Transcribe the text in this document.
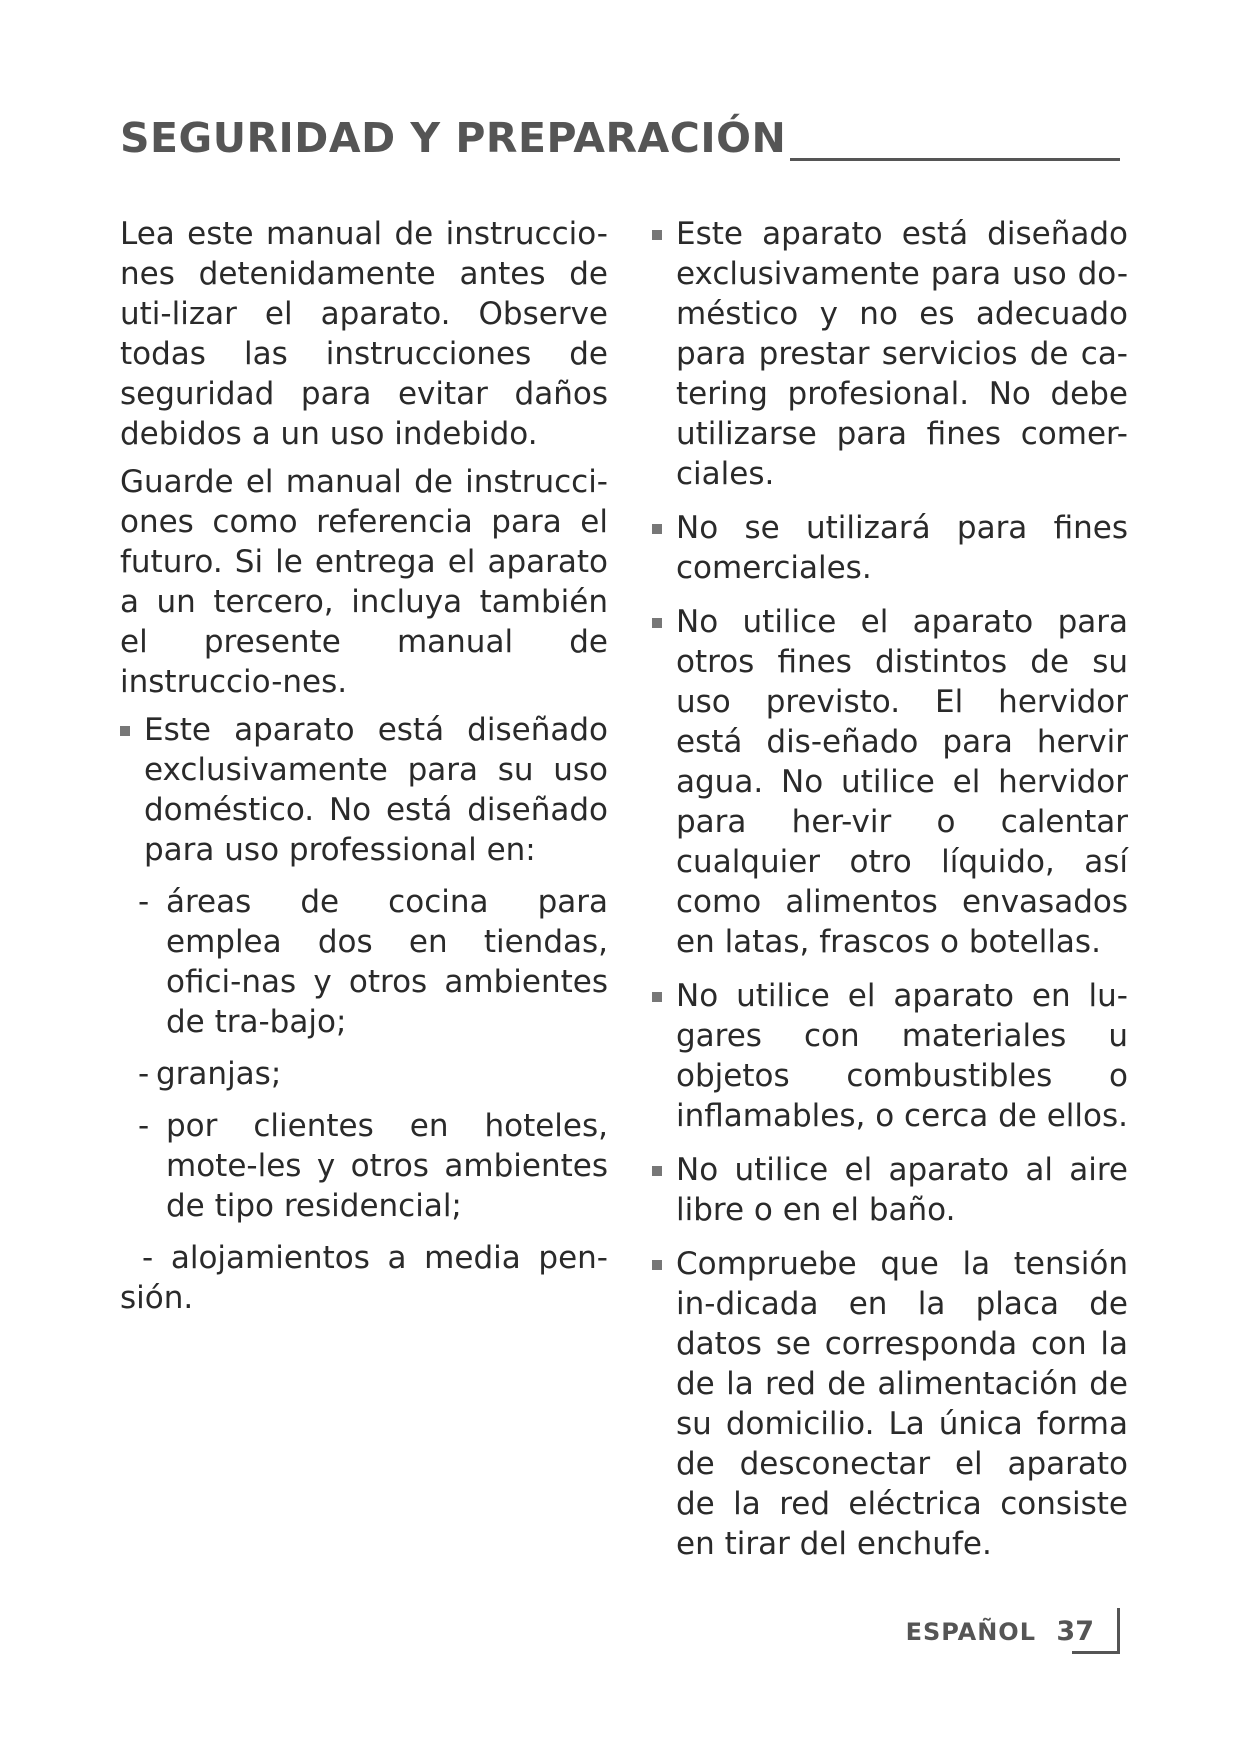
SEGURIDAD Y PREPARACIÓN

Lea este manual de instruccio-nes detenidamente antes de uti-lizar el aparato. Observe todas las instrucciones de seguridad para evitar daños debidos a un uso indebido.

Guarde el manual de instrucci-ones como referencia para el futuro. Si le entrega el aparato a un tercero, incluya también el presente manual de instruccio-nes.

Este aparato está diseñado exclusivamente para su uso doméstico. No está diseñado para uso professional en:
- áreas de cocina para emplea dos en tiendas, ofici-nas y otros ambientes de tra-bajo;
- granjas;
- por clientes en hoteles, mote-les y otros ambientes de tipo residencial;
- alojamientos a media pen-sión.
Este aparato está diseñado exclusivamente para uso do-méstico y no es adecuado para prestar servicios de ca-tering profesional. No debe utilizarse para fines comer-ciales.
No se utilizará para fines comerciales.
No utilice el aparato para otros fines distintos de su uso previsto. El hervidor está dis-eñado para hervir agua. No utilice el hervidor para her-vir o calentar cualquier otro líquido, así como alimentos envasados en latas, frascos o botellas.
No utilice el aparato en lu-gares con materiales u objetos combustibles o inflamables, o cerca de ellos.
No utilice el aparato al aire libre o en el baño.
Compruebe que la tensión in-dicada en la placa de datos se corresponda con la de la red de alimentación de su domicilio. La única forma de desconectar el aparato de la red eléctrica consiste en tirar del enchufe.
ESPAÑOL 37
